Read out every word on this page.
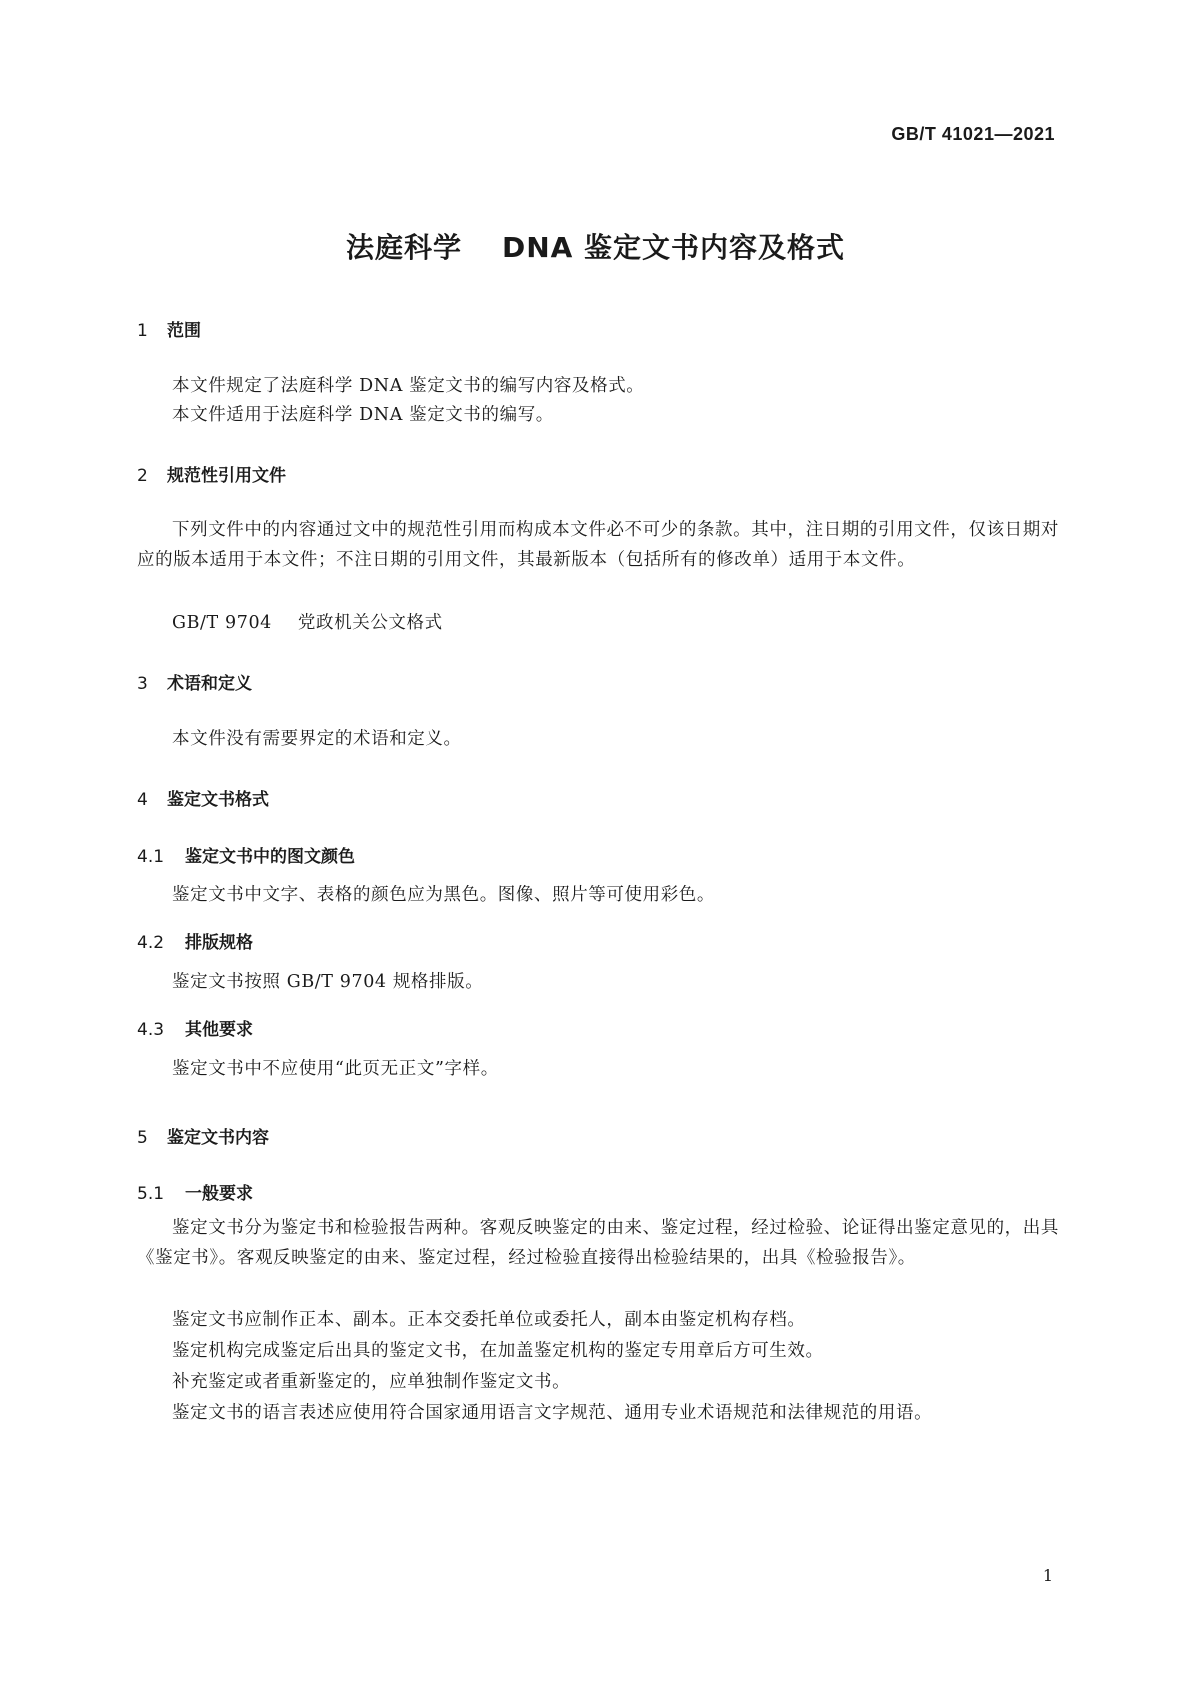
GB/T 41021—2021
法庭科学 DNA 鉴定文书内容及格式
1 范围
本文件规定了法庭科学 DNA 鉴定文书的编写内容及格式。
本文件适用于法庭科学 DNA 鉴定文书的编写。
2 规范性引用文件
下列文件中的内容通过文中的规范性引用而构成本文件必不可少的条款。其中，注日期的引用文件，仅该日期对应的版本适用于本文件；不注日期的引用文件，其最新版本（包括所有的修改单）适用于本文件。
GB/T 9704 党政机关公文格式
3 术语和定义
本文件没有需要界定的术语和定义。
4 鉴定文书格式
4.1 鉴定文书中的图文颜色
鉴定文书中文字、表格的颜色应为黑色。图像、照片等可使用彩色。
4.2 排版规格
鉴定文书按照 GB/T 9704 规格排版。
4.3 其他要求
鉴定文书中不应使用“此页无正文”字样。
5 鉴定文书内容
5.1 一般要求
鉴定文书分为鉴定书和检验报告两种。客观反映鉴定的由来、鉴定过程，经过检验、论证得出鉴定意见的，出具《鉴定书》。客观反映鉴定的由来、鉴定过程，经过检验直接得出检验结果的，出具《检验报告》。
鉴定文书应制作正本、副本。正本交委托单位或委托人，副本由鉴定机构存档。
鉴定机构完成鉴定后出具的鉴定文书，在加盖鉴定机构的鉴定专用章后方可生效。
补充鉴定或者重新鉴定的，应单独制作鉴定文书。
鉴定文书的语言表述应使用符合国家通用语言文字规范、通用专业术语规范和法律规范的用语。
1
